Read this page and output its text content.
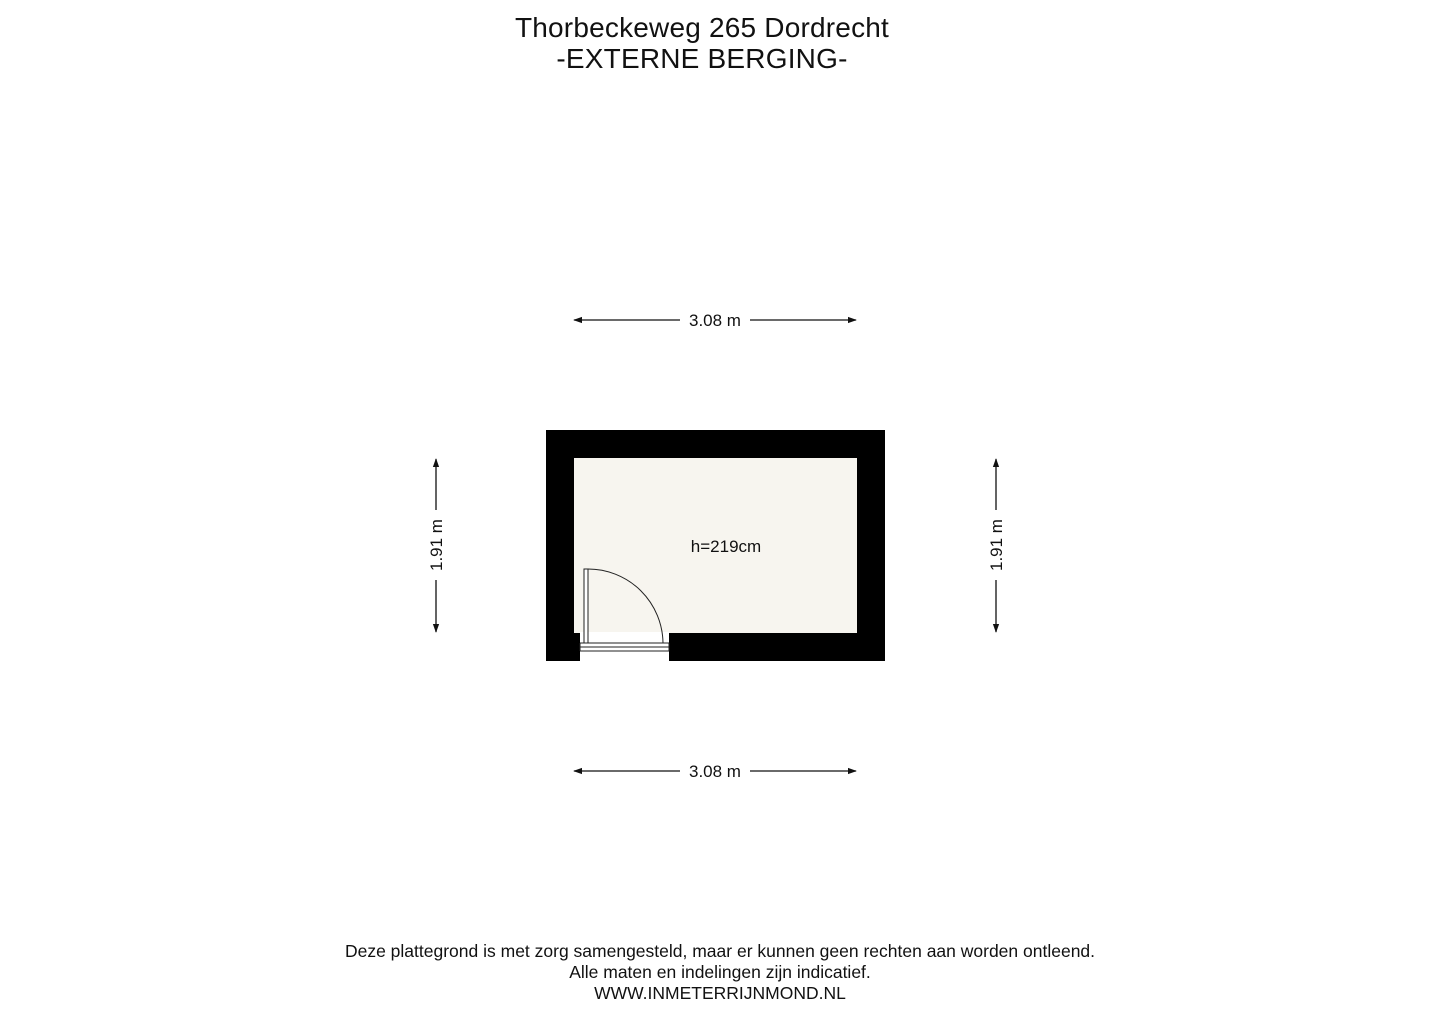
Thorbeckeweg 265 Dordrecht
-EXTERNE BERGING-
3.08 m
3.08 m
1.91 m	1.91 m
h=219cm
Deze plattegrond is met zorg samengesteld, maar er kunnen geen rechten aan worden ontleend.
Alle maten en indelingen zijn indicatief.
WWW.INMETERRIJNMOND.NL
